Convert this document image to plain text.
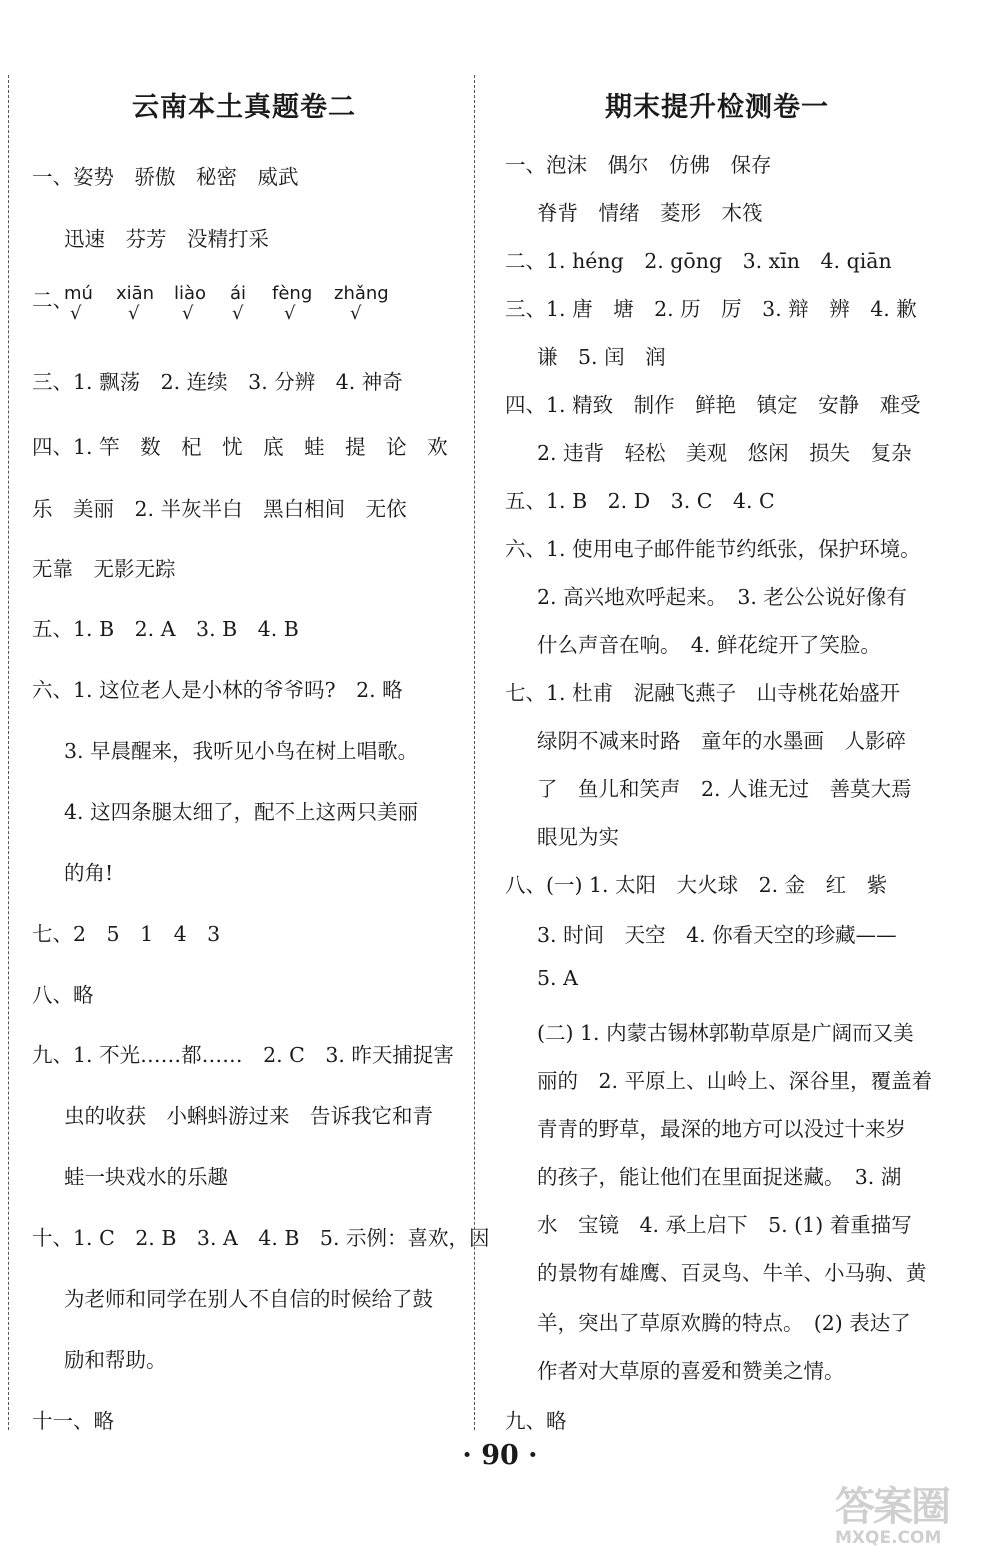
云南本土真题卷二
一、姿势　骄傲　秘密　威武
迅速　芬芳　没精打采
二、
mú
√
xiān
√
liào
√
ái
√
fèng
√
zhǎng
√
三、1. 飘荡　2. 连续　3. 分辨　4. 神奇
四、1. 竿　数　杞　忧　底　蛙　提　论　欢
乐　美丽　2. 半灰半白　黑白相间　无依
无靠　无影无踪
五、1. B　2. A　3. B　4. B
六、1. 这位老人是小林的爷爷吗?　2. 略
3. 早晨醒来，我听见小鸟在树上唱歌。
4. 这四条腿太细了，配不上这两只美丽
的角!
七、2　5　1　4　3
八、略
九、1. 不光……都……　2. C　3. 昨天捕捉害
虫的收获　小蝌蚪游过来　告诉我它和青
蛙一块戏水的乐趣
十、1. C　2. B　3. A　4. B　5. 示例：喜欢，因
为老师和同学在别人不自信的时候给了鼓
励和帮助。
十一、略
期末提升检测卷一
一、泡沫　偶尔　仿佛　保存
脊背　情绪　菱形　木筏
二、1. héng　2. gōng　3. xīn　4. qiān
三、1. 唐　塘　2. 历　厉　3. 辩　辨　4. 歉
谦　5. 闰　润
四、1. 精致　制作　鲜艳　镇定　安静　难受
2. 违背　轻松　美观　悠闲　损失　复杂
五、1. B　2. D　3. C　4. C
六、1. 使用电子邮件能节约纸张，保护环境。
2. 高兴地欢呼起来。　3. 老公公说好像有
什么声音在响。　4. 鲜花绽开了笑脸。
七、1. 杜甫　泥融飞燕子　山寺桃花始盛开
绿阴不减来时路　童年的水墨画　人影碎
了　鱼儿和笑声　2. 人谁无过　善莫大焉
眼见为实
八、(一) 1. 太阳　大火球　2. 金　红　紫
3. 时间　天空　4. 你看天空的珍藏——
5. A
(二) 1. 内蒙古锡林郭勒草原是广阔而又美
丽的　2. 平原上、山岭上、深谷里，覆盖着
青青的野草，最深的地方可以没过十来岁
的孩子，能让他们在里面捉迷藏。　3. 湖
水　宝镜　4. 承上启下　5. (1) 着重描写
的景物有雄鹰、百灵鸟、牛羊、小马驹、黄
羊，突出了草原欢腾的特点。　(2) 表达了
作者对大草原的喜爱和赞美之情。
九、略
· 90 ·
答案圈
MXQE.COM
